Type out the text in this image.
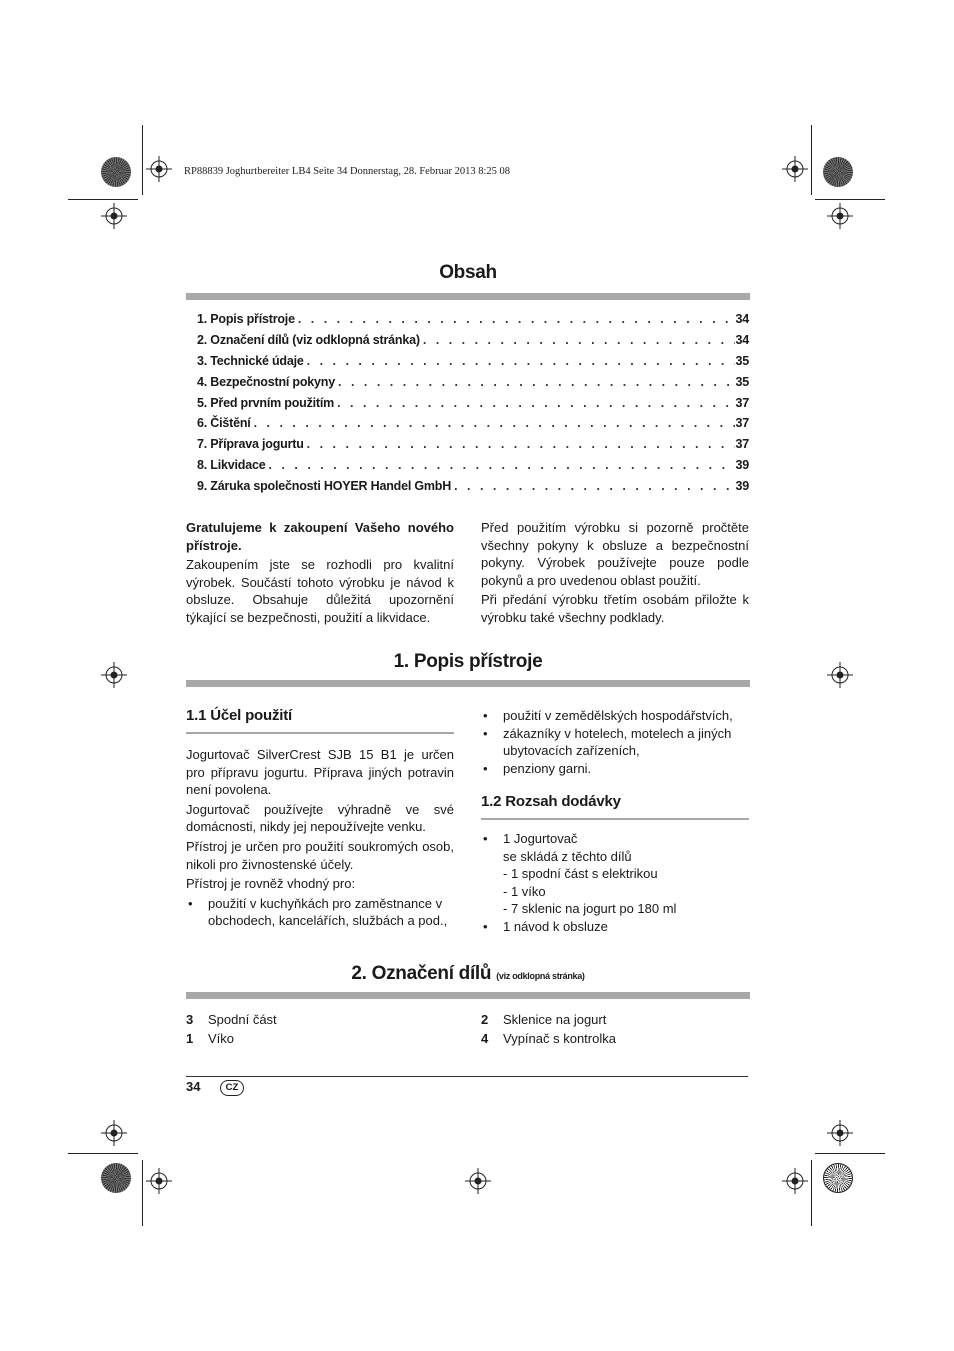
RP88839 Joghurtbereiter LB4 Seite 34 Donnerstag, 28. Februar 2013 8:25 08
Obsah
1. Popis přístroje . . .	34
2. Označení dílů (viz odklopná stránka) . . .	34
3. Technické údaje . . .	35
4. Bezpečnostní pokyny . . .	35
5. Před prvním použitím . . .	37
6. Čištění . . .	37
7. Příprava jogurtu . . .	37
8. Likvidace . . .	39
9. Záruka společnosti HOYER Handel GmbH . . .	39

Gratulujeme k zakoupení Vašeho nového přístroje.

Zakoupením jste se rozhodli pro kvalitní výrobek. Součástí tohoto výrobku je návod k obsluze. Obsahuje důležitá upozornění týkající se bezpečnosti, použití a likvidace.

Před použitím výrobku si pozorně pročtěte všechny pokyny k obsluze a bezpečnostní pokyny. Výrobek používejte pouze podle pokynů a pro uvedenou oblast použití.

Při předání výrobku třetím osobám přiložte k výrobku také všechny podklady.

1. Popis přístroje
1.1 Účel použití

Jogurtovač SilverCrest SJB 15 B1 je určen pro přípravu jogurtu. Příprava jiných potravin není povolena.

Jogurtovač používejte výhradně ve své domácnosti, nikdy jej nepoužívejte venku.

Přístroj je určen pro použití soukromých osob, nikoli pro živnostenské účely.

Přístroj je rovněž vhodný pro:

• použití v kuchyňkách pro zaměstnance v obchodech, kancelářích, službách a pod.,
• použití v zemědělských hospodářstvích,
• zákazníky v hotelech, motelech a jiných ubytovacích zařízeních,
• penziony garni.
1.2 Rozsah dodávky
• 1 Jogurtovač
se skládá z těchto dílů
- 1 spodní část s elektrikou
- 1 víko
- 7 sklenic na jogurt po 180 ml
• 1 návod k obsluze
2. Označení dílů (viz odklopná stránka)
3 Spodní část
1 Víko
2 Sklenice na jogurt
4 Vypínač s kontrolka
34	CZ
